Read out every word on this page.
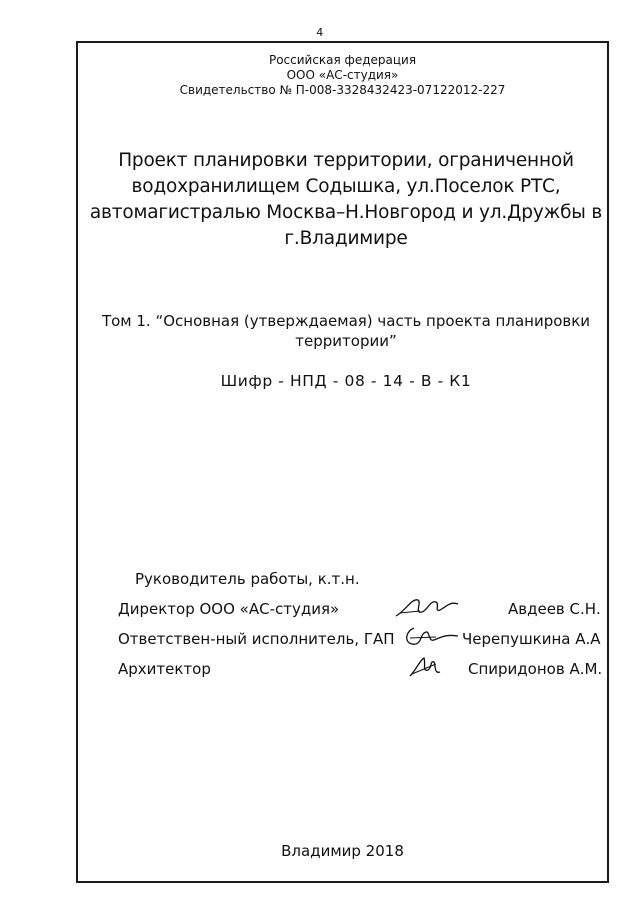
4
Российская федерация
ООО «АС-студия»
Свидетельство № П-008-3328432423-07122012-227
Проект планировки территории, ограниченной
водохранилищем Содышка, ул.Поселок РТС,
автомагистралью Москва–Н.Новгород и ул.Дружбы в
г.Владимире
Том 1. “Основная (утверждаемая) часть проекта планировки
территории”
Шифр - НПД - 08 - 14 - В - К1
Руководитель работы, к.т.н.
Директор ООО «АС-студия»	Авдеев С.Н.
Ответствен-ный исполнитель, ГАП	Черепушкина А.А
Архитектор	Спиридонов А.М.
Владимир 2018
